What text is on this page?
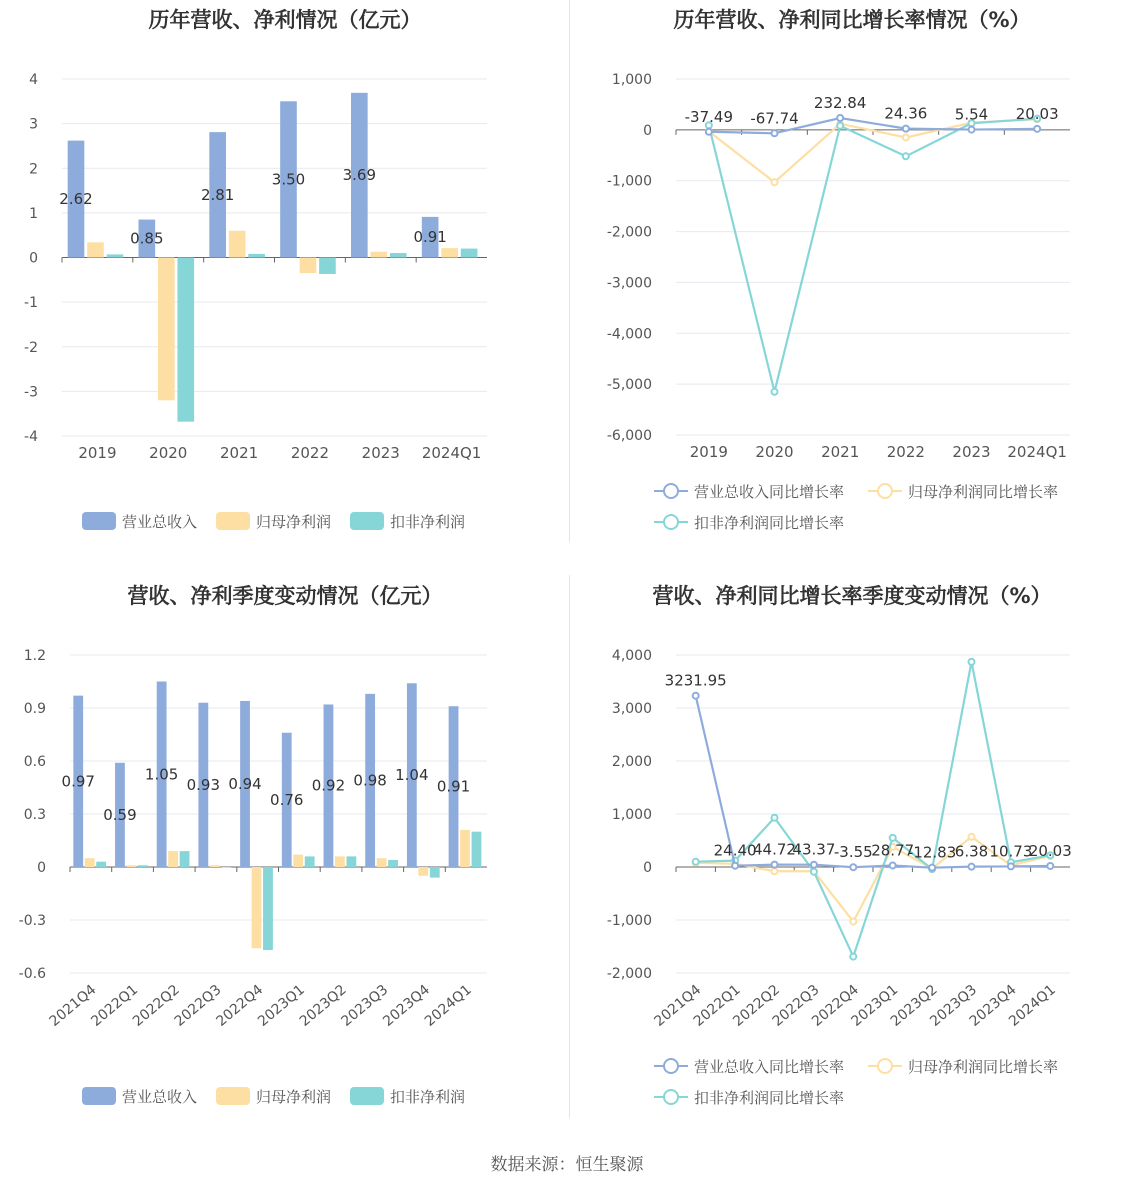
历年营收、净利情况（亿元）
4
3
2
1
0
-1
-2
-3
-4
2019 2020 2021 2022 2023 2024Q1
2.62
0.85
2.81
3.50 3.69
0.91
营业总收入	归母净利润	扣非净利润
历年营收、净利同比增长率情况（%）
1,000
0
-1,000
-2,000
-3,000
-4,000
-5,000
-6,000
2019 2020 2021 2022 2023 2024Q1
-37.49 -67.74
232.84
24.36 5.54 20.03
营业总收入同比增长率	归母净利润同比增长率
扣非净利润同比增长率
营收、净利季度变动情况（亿元）
1.2
0.9
0.6
0.3
0
-0.3
-0.6
2021Q4
2022Q1
2022Q2
2022Q3
2022Q4
2023Q1
2023Q2
2023Q3
2023Q4
2024Q1
0.97
0.59
1.05
0.93 0.94
0.76
0.92 0.98 1.04
0.91
营业总收入	归母净利润	扣非净利润
营收、净利同比增长率季度变动情况（%）
4,000
3,000
2,000
1,000
0
-1,000
-2,000
2021Q4
2022Q1
2022Q2
2022Q3
2022Q4
2023Q1
2023Q2
2023Q3
2023Q4
2024Q1
3231.95
24.40
44.72
43.37
-3.55
28.77
-12.83
6.38 10.73
20.03
营业总收入同比增长率	归母净利润同比增长率
扣非净利润同比增长率
数据来源：恒生聚源
